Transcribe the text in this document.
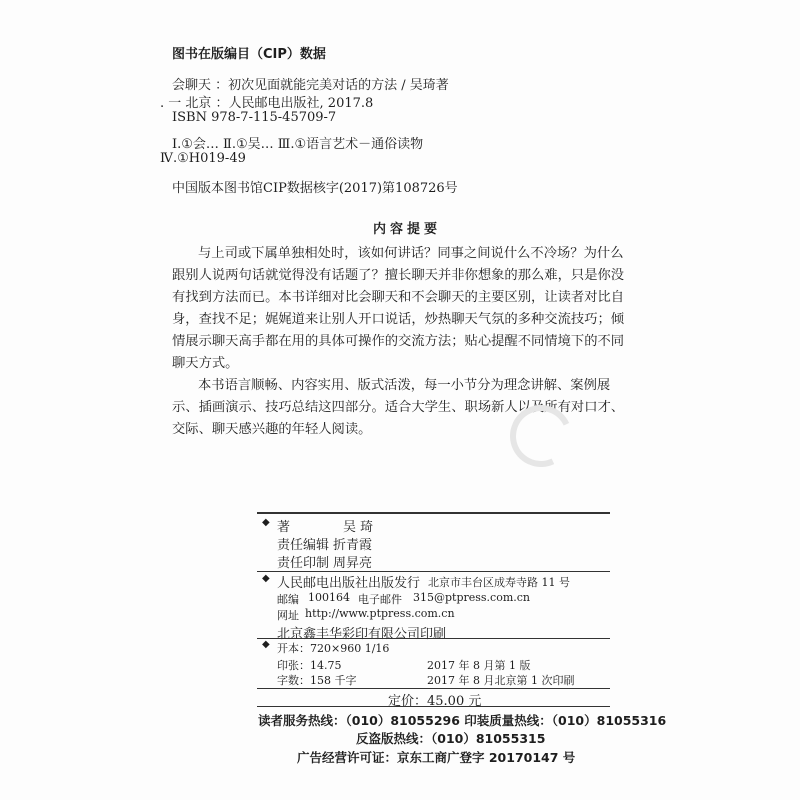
图书在版编目（CIP）数据
会聊天 ：初次见面就能完美对话的方法 / 吴琦著
. 一 北京 ：人民邮电出版社, 2017.8
ISBN 978-7-115-45709-7
Ⅰ.①会… Ⅱ.①吴… Ⅲ.①语言艺术－通俗读物
Ⅳ.①H019-49
中国版本图书馆CIP数据核字(2017)第108726号
内容提要

与上司或下属单独相处时，该如何讲话？同事之间说什么不冷场？为什么跟别人说两句话就觉得没有话题了？擅长聊天并非你想象的那么难，只是你没有找到方法而已。本书详细对比会聊天和不会聊天的主要区别，让读者对比自身，查找不足；娓娓道来让别人开口说话，炒热聊天气氛的多种交流技巧；倾情展示聊天高手都在用的具体可操作的交流方法；贴心提醒不同情境下的不同聊天方式。

本书语言顺畅、内容实用、版式活泼，每一小节分为理念讲解、案例展示、插画演示、技巧总结这四部分。适合大学生、职场新人以及所有对口才、交际、聊天感兴趣的年轻人阅读。

◆ 著	吴 琦
责任编辑 折青霞
责任印制 周昇亮
◆ 人民邮电出版社出版发行 北京市丰台区成寿寺路 11 号
邮编 100164 电子邮件 315@ptpress.com.cn
网址 http://www.ptpress.com.cn
北京鑫丰华彩印有限公司印刷
◆ 开本：720×960 1/16
印张：14.75	2017 年 8 月第 1 版
字数：158 千字	2017 年 8 月北京第 1 次印刷
定价：45.00 元
读者服务热线：（010）81055296 印装质量热线：（010）81055316
反盗版热线：（010）81055315
广告经营许可证：京东工商广登字 20170147 号
